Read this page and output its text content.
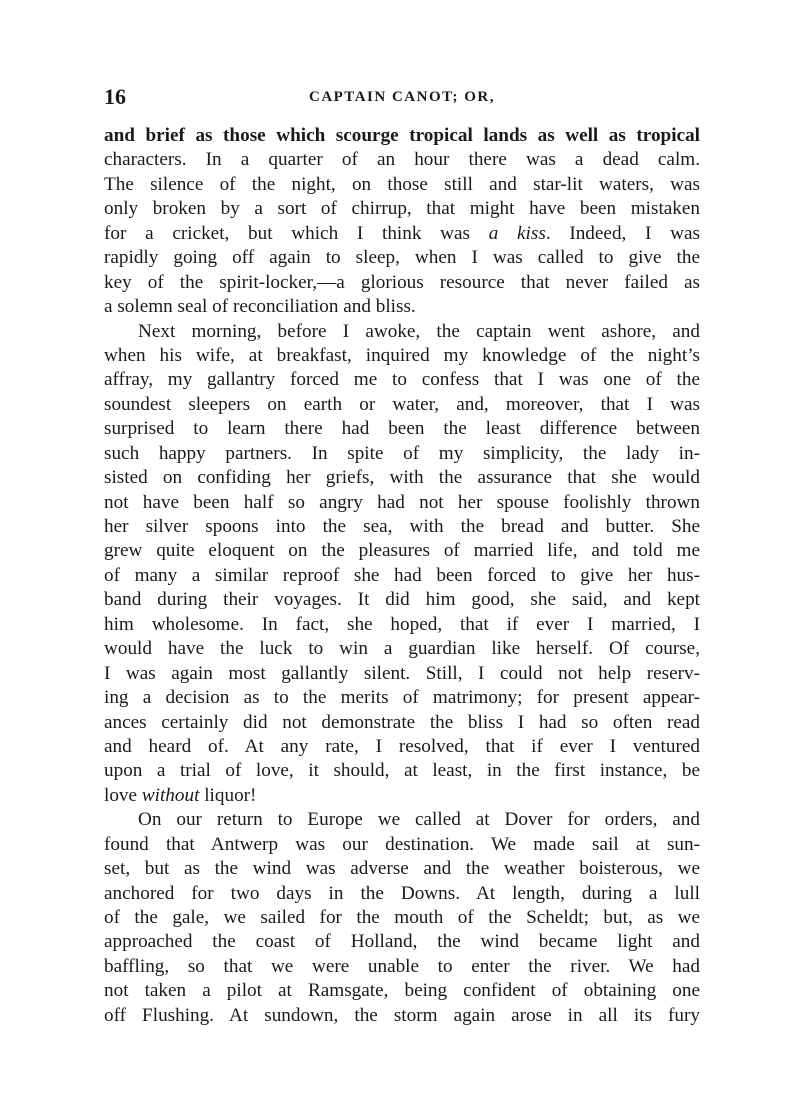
16	CAPTAIN CANOT; OR,
and brief as those which scourge tropical lands as well as tropical
characters. In a quarter of an hour there was a dead calm.
The silence of the night, on those still and star-lit waters, was
only broken by a sort of chirrup, that might have been mistaken
for a cricket, but which I think was a kiss. Indeed, I was
rapidly going off again to sleep, when I was called to give the
key of the spirit-locker,—a glorious resource that never failed as
a solemn seal of reconciliation and bliss.
Next morning, before I awoke, the captain went ashore, and
when his wife, at breakfast, inquired my knowledge of the night’s
affray, my gallantry forced me to confess that I was one of the
soundest sleepers on earth or water, and, moreover, that I was
surprised to learn there had been the least difference between
such happy partners. In spite of my simplicity, the lady in-
sisted on confiding her griefs, with the assurance that she would
not have been half so angry had not her spouse foolishly thrown
her silver spoons into the sea, with the bread and butter. She
grew quite eloquent on the pleasures of married life, and told me
of many a similar reproof she had been forced to give her hus-
band during their voyages. It did him good, she said, and kept
him wholesome. In fact, she hoped, that if ever I married, I
would have the luck to win a guardian like herself. Of course,
I was again most gallantly silent. Still, I could not help reserv-
ing a decision as to the merits of matrimony; for present appear-
ances certainly did not demonstrate the bliss I had so often read
and heard of. At any rate, I resolved, that if ever I ventured
upon a trial of love, it should, at least, in the first instance, be
love without liquor!
On our return to Europe we called at Dover for orders, and
found that Antwerp was our destination. We made sail at sun-
set, but as the wind was adverse and the weather boisterous, we
anchored for two days in the Downs. At length, during a lull
of the gale, we sailed for the mouth of the Scheldt; but, as we
approached the coast of Holland, the wind became light and
baffling, so that we were unable to enter the river. We had
not taken a pilot at Ramsgate, being confident of obtaining one
off Flushing. At sundown, the storm again arose in all its fury
